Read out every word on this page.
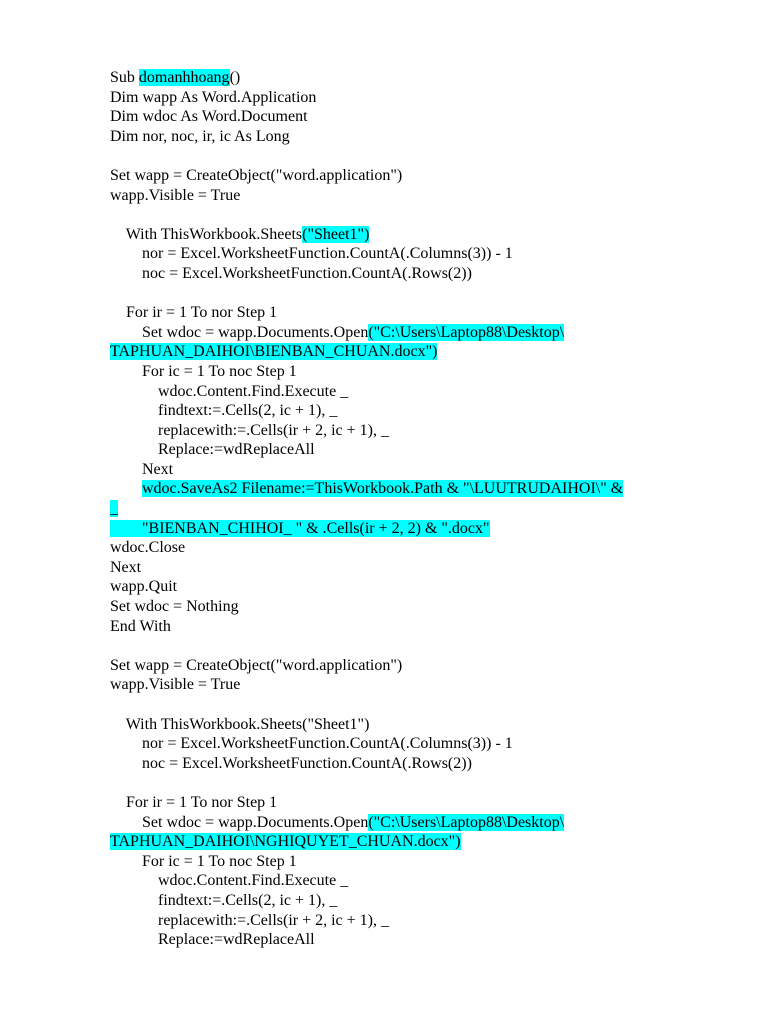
Sub domanhhoang()
Dim wapp As Word.Application
Dim wdoc As Word.Document
Dim nor, noc, ir, ic As Long
Set wapp = CreateObject("word.application")
wapp.Visible = True
With ThisWorkbook.Sheets("Sheet1")
nor = Excel.WorksheetFunction.CountA(.Columns(3)) - 1
noc = Excel.WorksheetFunction.CountA(.Rows(2))
For ir = 1 To nor Step 1
Set wdoc = wapp.Documents.Open("C:\Users\Laptop88\Desktop\
TAPHUAN_DAIHOI\BIENBAN_CHUAN.docx")
For ic = 1 To noc Step 1
wdoc.Content.Find.Execute _
findtext:=.Cells(2, ic + 1), _
replacewith:=.Cells(ir + 2, ic + 1), _
Replace:=wdReplaceAll
Next
wdoc.SaveAs2 Filename:=ThisWorkbook.Path & "\LUUTRUDAIHOI\" &
_
"BIENBAN_CHIHOI_ " & .Cells(ir + 2, 2) & ".docx"
wdoc.Close
Next
wapp.Quit
Set wdoc = Nothing
End With
Set wapp = CreateObject("word.application")
wapp.Visible = True
With ThisWorkbook.Sheets("Sheet1")
nor = Excel.WorksheetFunction.CountA(.Columns(3)) - 1
noc = Excel.WorksheetFunction.CountA(.Rows(2))
For ir = 1 To nor Step 1
Set wdoc = wapp.Documents.Open("C:\Users\Laptop88\Desktop\
TAPHUAN_DAIHOI\NGHIQUYET_CHUAN.docx")
For ic = 1 To noc Step 1
wdoc.Content.Find.Execute _
findtext:=.Cells(2, ic + 1), _
replacewith:=.Cells(ir + 2, ic + 1), _
Replace:=wdReplaceAll
